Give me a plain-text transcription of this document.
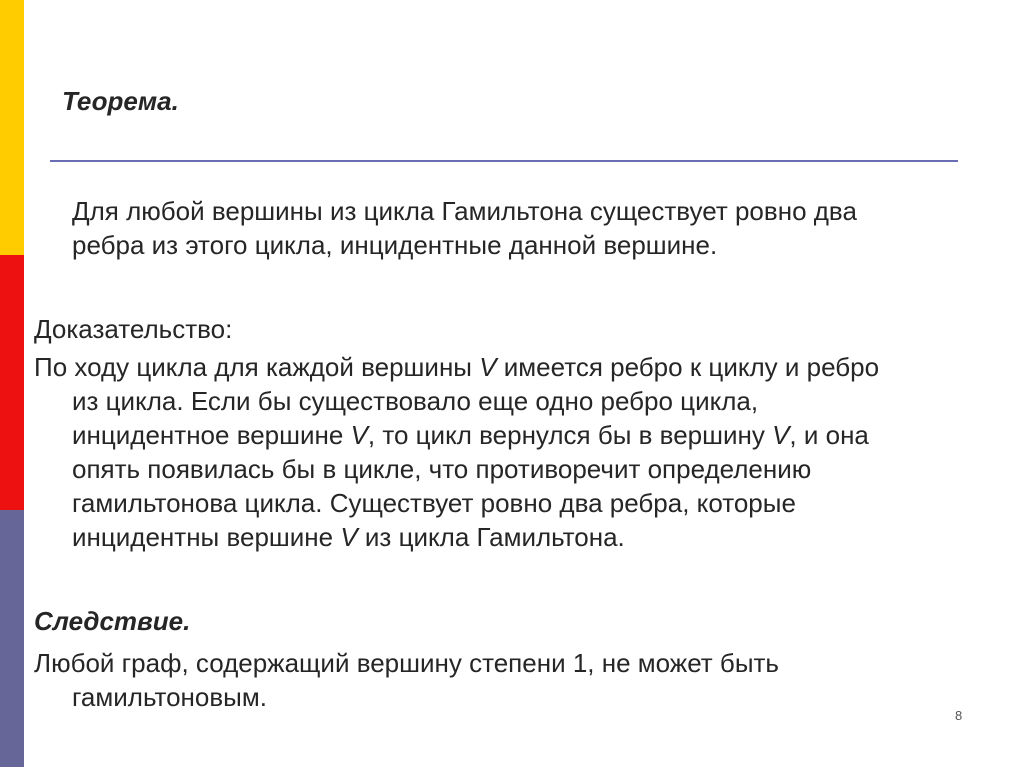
Теорема.

Для любой вершины из цикла Гамильтона существует ровно два
ребра из этого цикла, инцидентные данной вершине.

Доказательство:

По ходу цикла для каждой вершины V имеется ребро к циклу и ребро
из цикла. Если бы существовало еще одно ребро цикла,
инцидентное вершине V, то цикл вернулся бы в вершину V, и она
опять появилась бы в цикле, что противоречит определению
гамильтонова цикла. Существует ровно два ребра, которые
инцидентны вершине V из цикла Гамильтона.

Следствие.

Любой граф, содержащий вершину степени 1, не может быть
гамильтоновым.
8
